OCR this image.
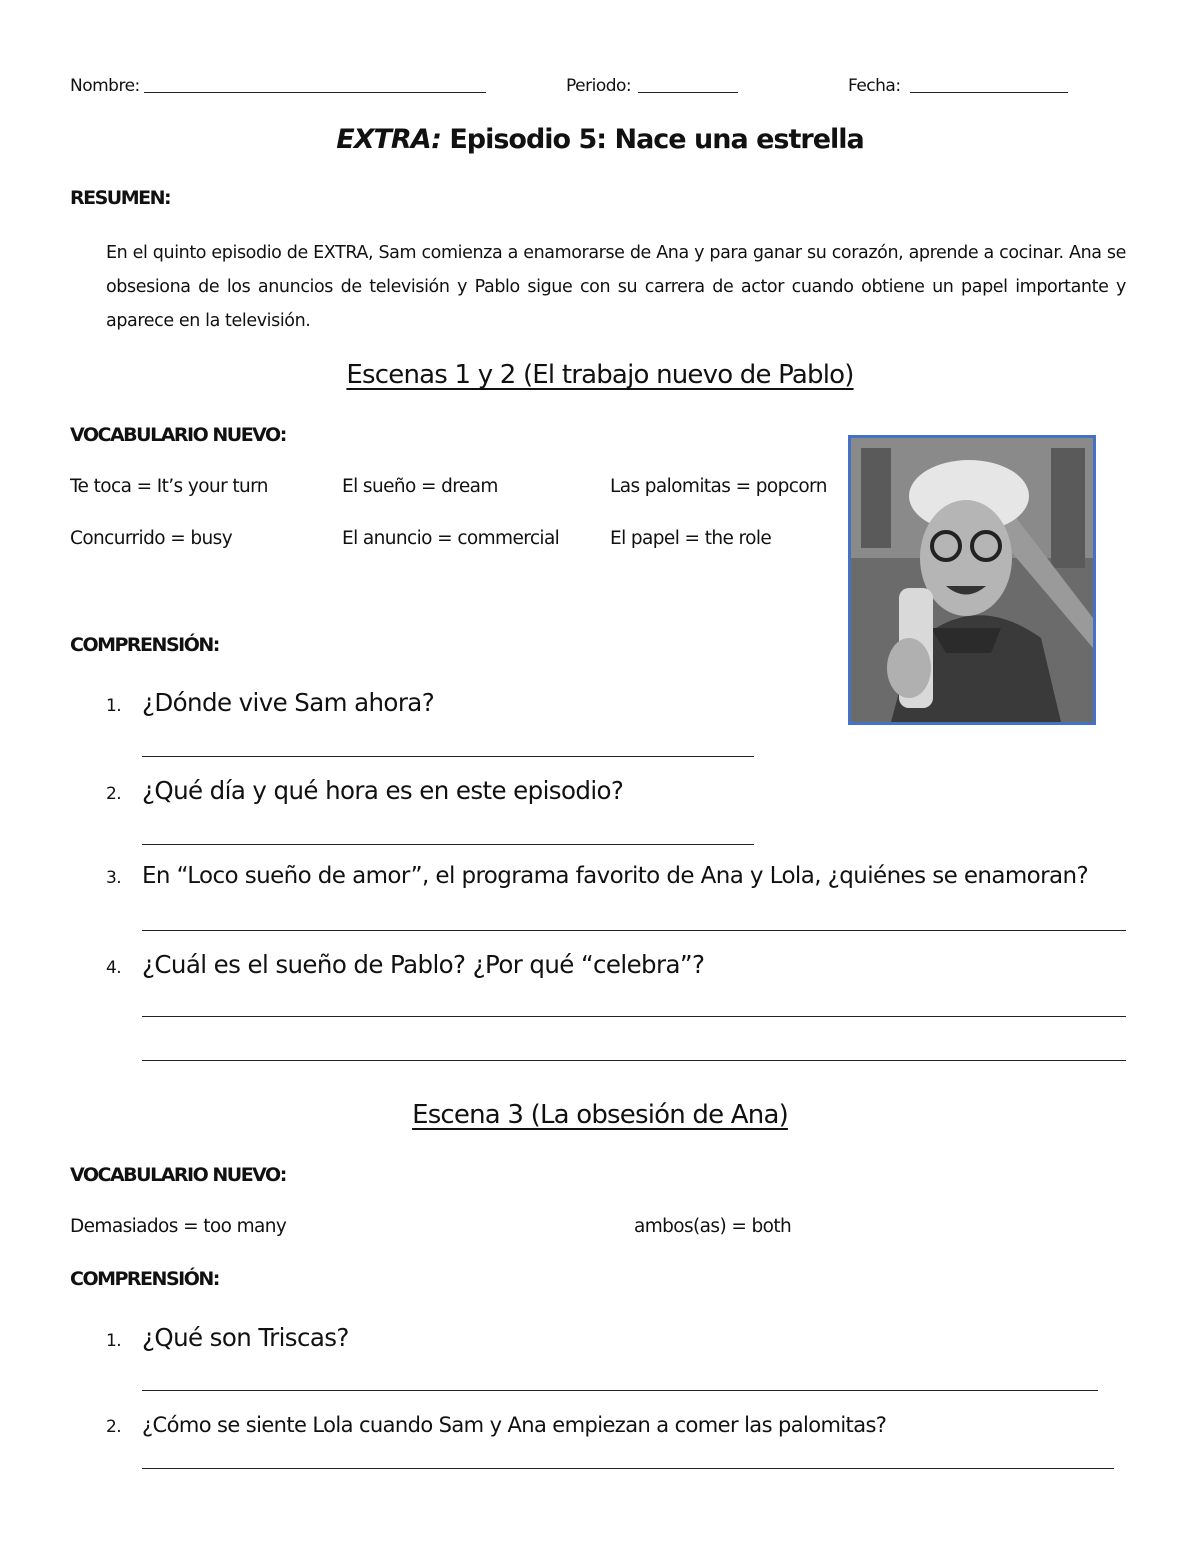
Nombre:	Periodo:	Fecha:
EXTRA: Episodio 5: Nace una estrella
RESUMEN:
En el quinto episodio de EXTRA, Sam comienza a enamorarse de Ana y para ganar su corazón, aprende a cocinar. Ana se obsesiona de los anuncios de televisión y Pablo sigue con su carrera de actor cuando obtiene un papel importante y aparece en la televisión.
Escenas 1 y 2 (El trabajo nuevo de Pablo)
VOCABULARIO NUEVO:
Te toca = It’s your turn	El sueño = dream	Las palomitas = popcorn
Concurrido = busy	El anuncio = commercial	El papel = the role
COMPRENSIÓN:
1. ¿Dónde vive Sam ahora?
2. ¿Qué día y qué hora es en este episodio?
3. En “Loco sueño de amor”, el programa favorito de Ana y Lola, ¿quiénes se enamoran?
4. ¿Cuál es el sueño de Pablo? ¿Por qué “celebra”?
Escena 3 (La obsesión de Ana)
VOCABULARIO NUEVO:
Demasiados = too many	ambos(as) = both
COMPRENSIÓN:
1. ¿Qué son Triscas?
2. ¿Cómo se siente Lola cuando Sam y Ana empiezan a comer las palomitas?
